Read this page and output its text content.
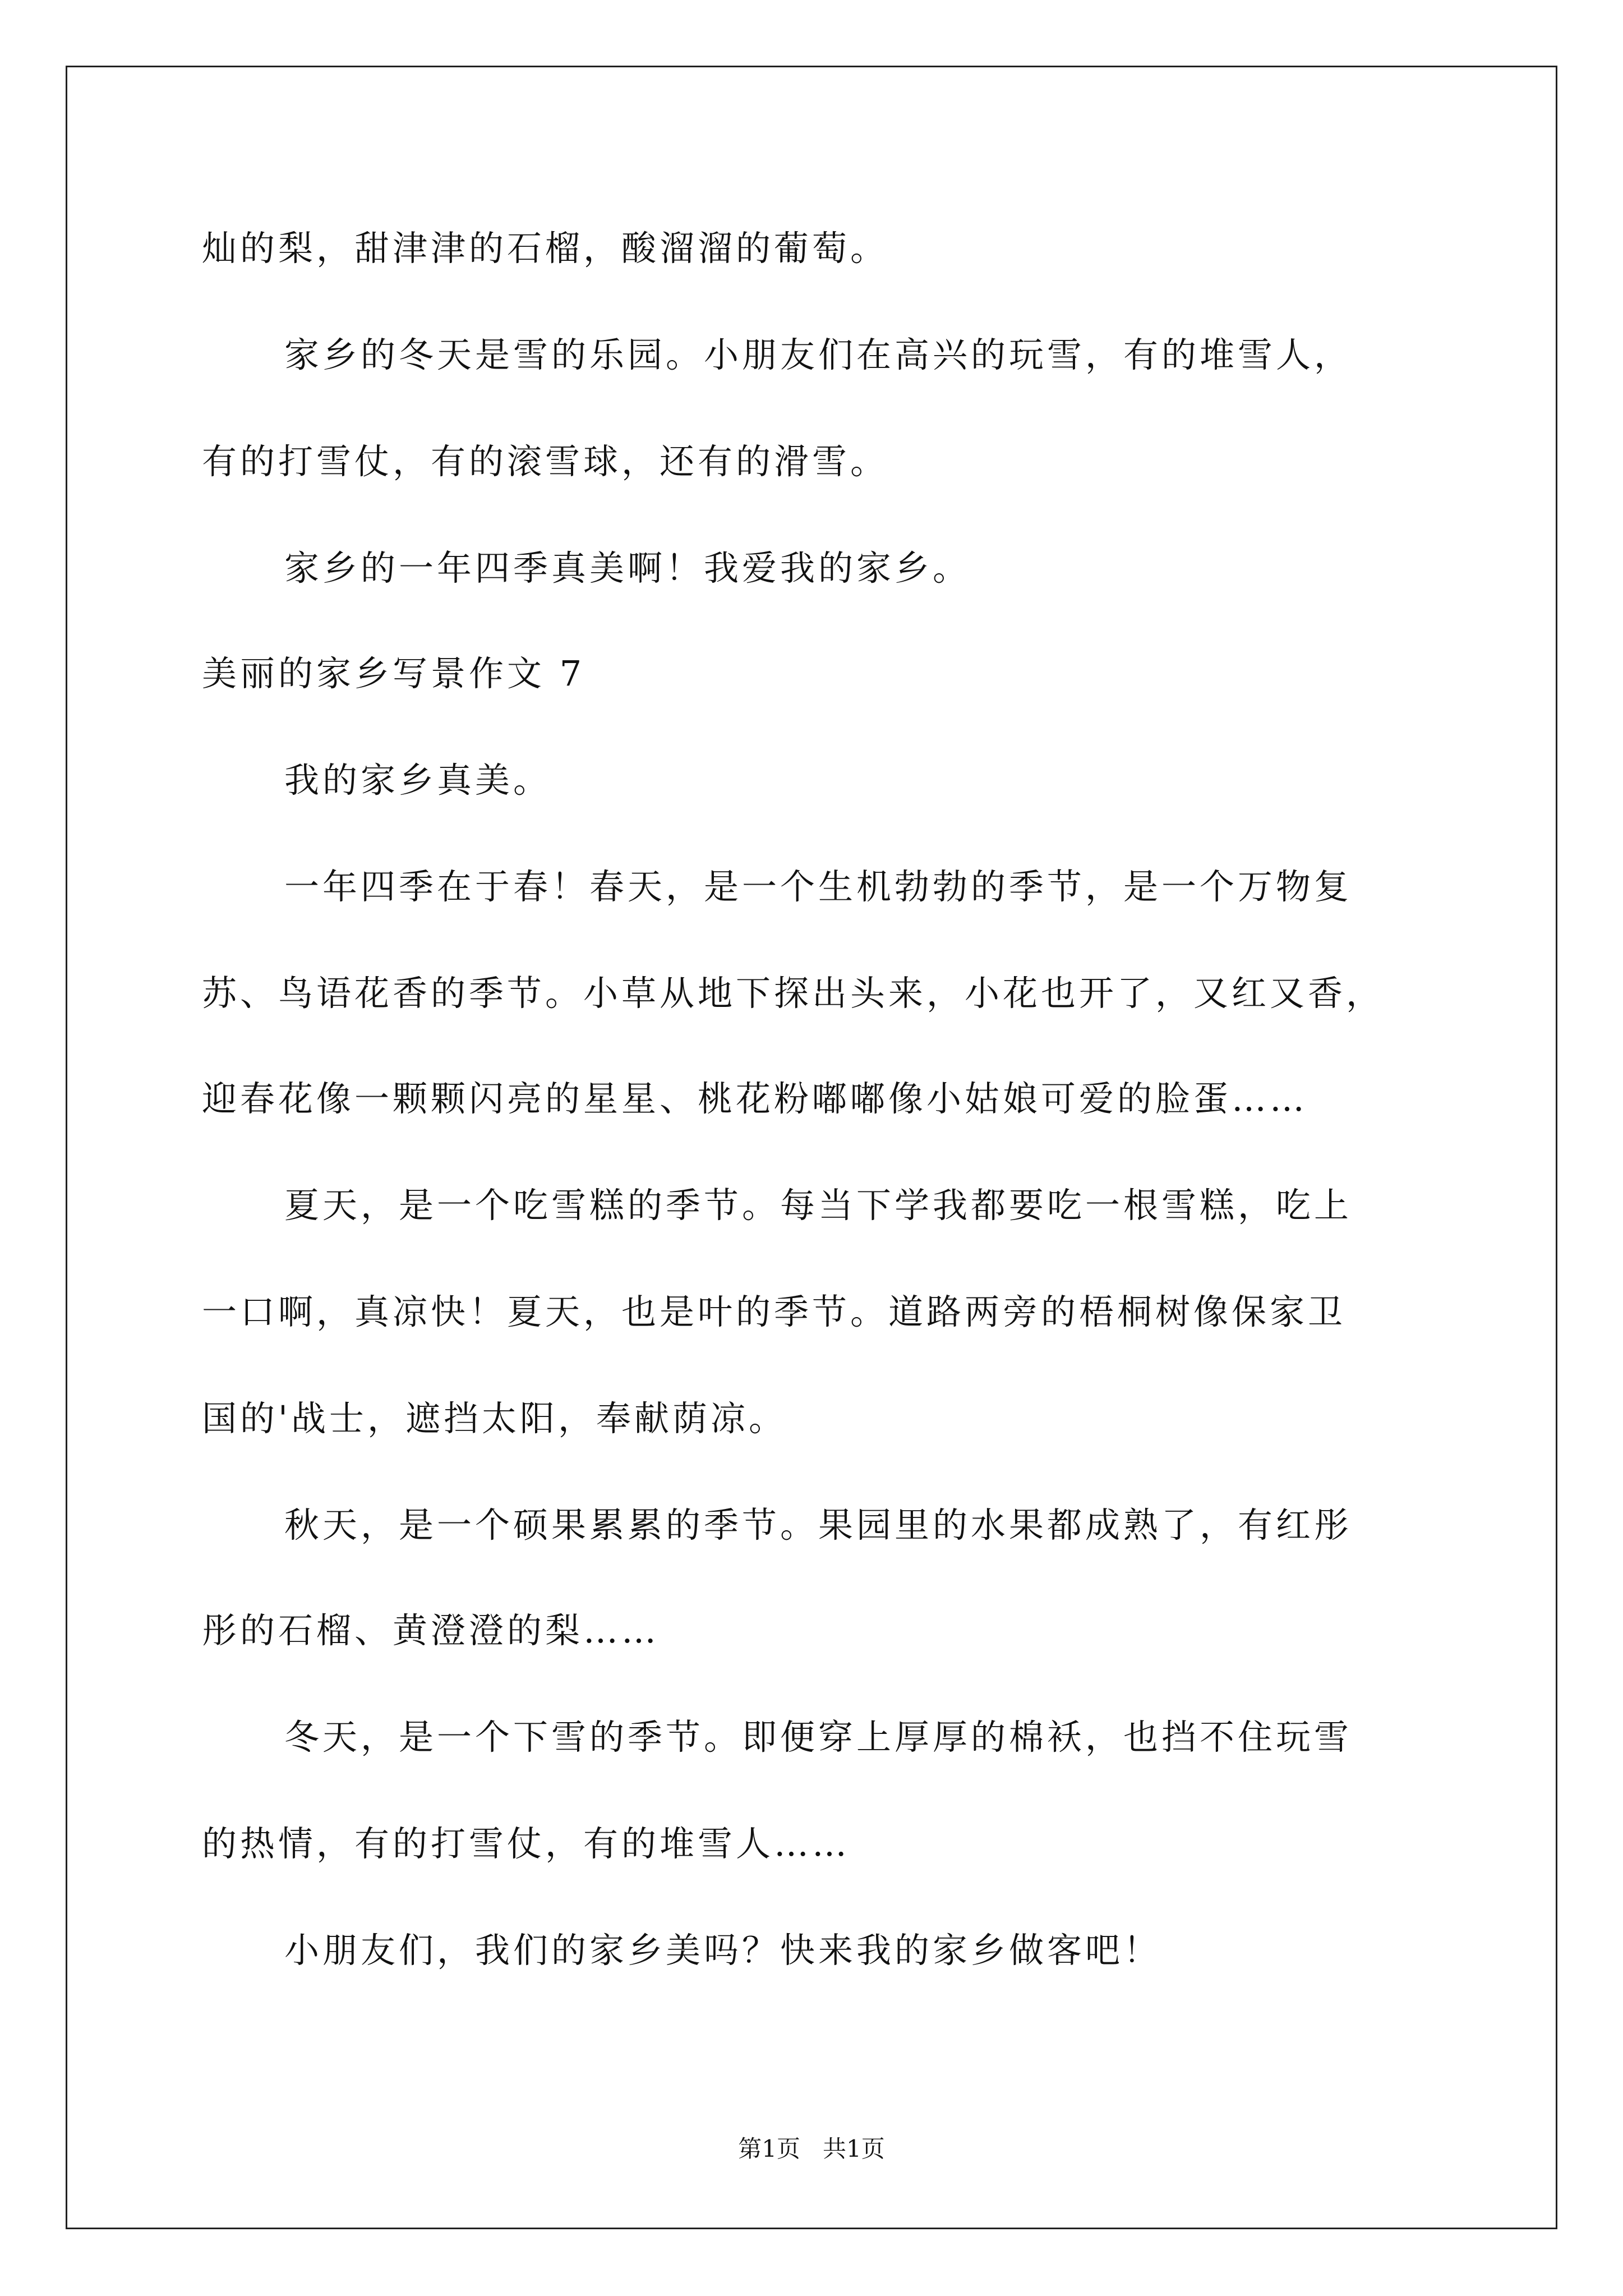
灿的梨，甜津津的石榴，酸溜溜的葡萄。
家乡的冬天是雪的乐园。小朋友们在高兴的玩雪，有的堆雪人，
有的打雪仗，有的滚雪球，还有的滑雪。
家乡的一年四季真美啊！我爱我的家乡。
美丽的家乡写景作文 7
我的家乡真美。
一年四季在于春！春天，是一个生机勃勃的季节，是一个万物复
苏、鸟语花香的季节。小草从地下探出头来，小花也开了，又红又香，
迎春花像一颗颗闪亮的星星、桃花粉嘟嘟像小姑娘可爱的脸蛋……
夏天，是一个吃雪糕的季节。每当下学我都要吃一根雪糕，吃上
一口啊，真凉快！夏天，也是叶的季节。道路两旁的梧桐树像保家卫
国的'战士，遮挡太阳，奉献荫凉。
秋天，是一个硕果累累的季节。果园里的水果都成熟了，有红彤
彤的石榴、黄澄澄的梨……
冬天，是一个下雪的季节。即便穿上厚厚的棉袄，也挡不住玩雪
的热情，有的打雪仗，有的堆雪人……
小朋友们，我们的家乡美吗？快来我的家乡做客吧！
第1页   共1页
